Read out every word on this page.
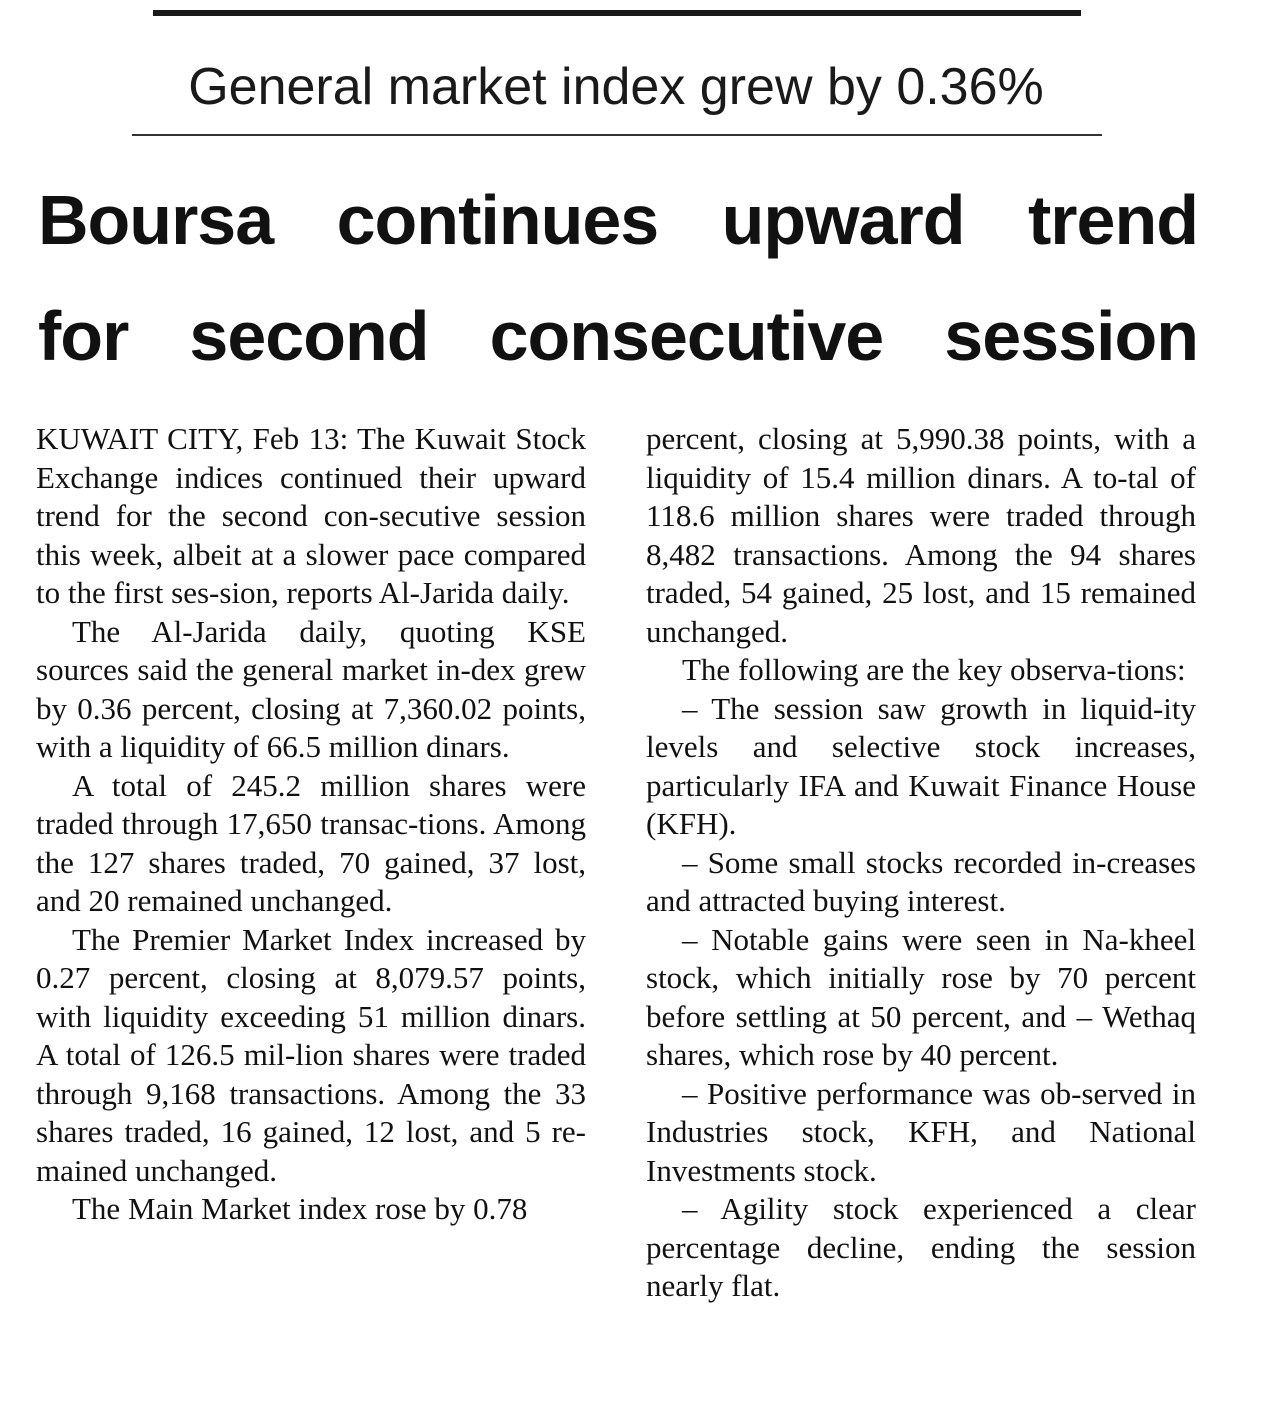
General market index grew by 0.36%
Boursa continues upward trend
for second consecutive session

KUWAIT CITY, Feb 13: The Kuwait Stock Exchange indices continued their upward trend for the second con-secutive session this week, albeit at a slower pace compared to the first ses-sion, reports Al-Jarida daily.

The Al-Jarida daily, quoting KSE sources said the general market in-dex grew by 0.36 percent, closing at 7,360.02 points, with a liquidity of 66.5 million dinars.

A total of 245.2 million shares were traded through 17,650 transac-tions. Among the 127 shares traded, 70 gained, 37 lost, and 20 remained unchanged.

The Premier Market Index increased by 0.27 percent, closing at 8,079.57 points, with liquidity exceeding 51 million dinars. A total of 126.5 mil-lion shares were traded through 9,168 transactions. Among the 33 shares traded, 16 gained, 12 lost, and 5 re-mained unchanged.

The Main Market index rose by 0.78

percent, closing at 5,990.38 points, with a liquidity of 15.4 million dinars. A to-tal of 118.6 million shares were traded through 8,482 transactions. Among the 94 shares traded, 54 gained, 25 lost, and 15 remained unchanged.

The following are the key observa-tions:

– The session saw growth in liquid-ity levels and selective stock increases, particularly IFA and Kuwait Finance House (KFH).

– Some small stocks recorded in-creases and attracted buying interest.

– Notable gains were seen in Na-kheel stock, which initially rose by 70 percent before settling at 50 percent, and – Wethaq shares, which rose by 40 percent.

– Positive performance was ob-served in Industries stock, KFH, and National Investments stock.

– Agility stock experienced a clear percentage decline, ending the session nearly flat.
